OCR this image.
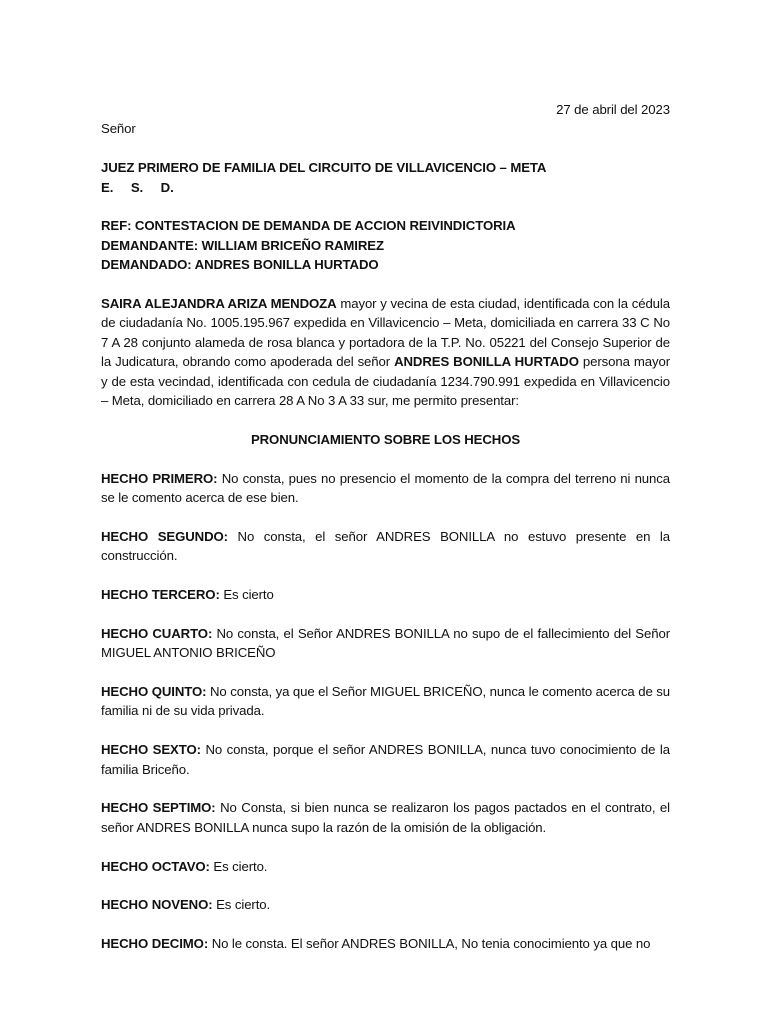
27 de abril del 2023

Señor

JUEZ PRIMERO DE FAMILIA DEL CIRCUITO DE VILLAVICENCIO – META

E. S. D.

REF: CONTESTACION DE DEMANDA DE ACCION REIVINDICTORIA

DEMANDANTE: WILLIAM BRICEÑO RAMIREZ

DEMANDADO: ANDRES BONILLA HURTADO

SAIRA ALEJANDRA ARIZA MENDOZA mayor y vecina de esta ciudad, identificada con la cédula de ciudadanía No. 1005.195.967 expedida en Villavicencio – Meta, domiciliada en carrera 33 C No 7 A 28 conjunto alameda de rosa blanca y portadora de la T.P. No. 05221 del Consejo Superior de la Judicatura, obrando como apoderada del señor ANDRES BONILLA HURTADO persona mayor y de esta vecindad, identificada con cedula de ciudadanía 1234.790.991 expedida en Villavicencio – Meta, domiciliado en carrera 28 A No 3 A 33 sur, me permito presentar:

PRONUNCIAMIENTO SOBRE LOS HECHOS

HECHO PRIMERO: No consta, pues no presencio el momento de la compra del terreno ni nunca se le comento acerca de ese bien.

HECHO SEGUNDO: No consta, el señor ANDRES BONILLA no estuvo presente en la construcción.

HECHO TERCERO: Es cierto

HECHO CUARTO: No consta, el Señor ANDRES BONILLA no supo de el fallecimiento del Señor MIGUEL ANTONIO BRICEÑO

HECHO QUINTO: No consta, ya que el Señor MIGUEL BRICEÑO, nunca le comento acerca de su familia ni de su vida privada.

HECHO SEXTO: No consta, porque el señor ANDRES BONILLA, nunca tuvo conocimiento de la familia Briceño.

HECHO SEPTIMO: No Consta, si bien nunca se realizaron los pagos pactados en el contrato, el señor ANDRES BONILLA nunca supo la razón de la omisión de la obligación.

HECHO OCTAVO: Es cierto.

HECHO NOVENO: Es cierto.

HECHO DECIMO: No le consta. El señor ANDRES BONILLA, No tenia conocimiento ya que no
